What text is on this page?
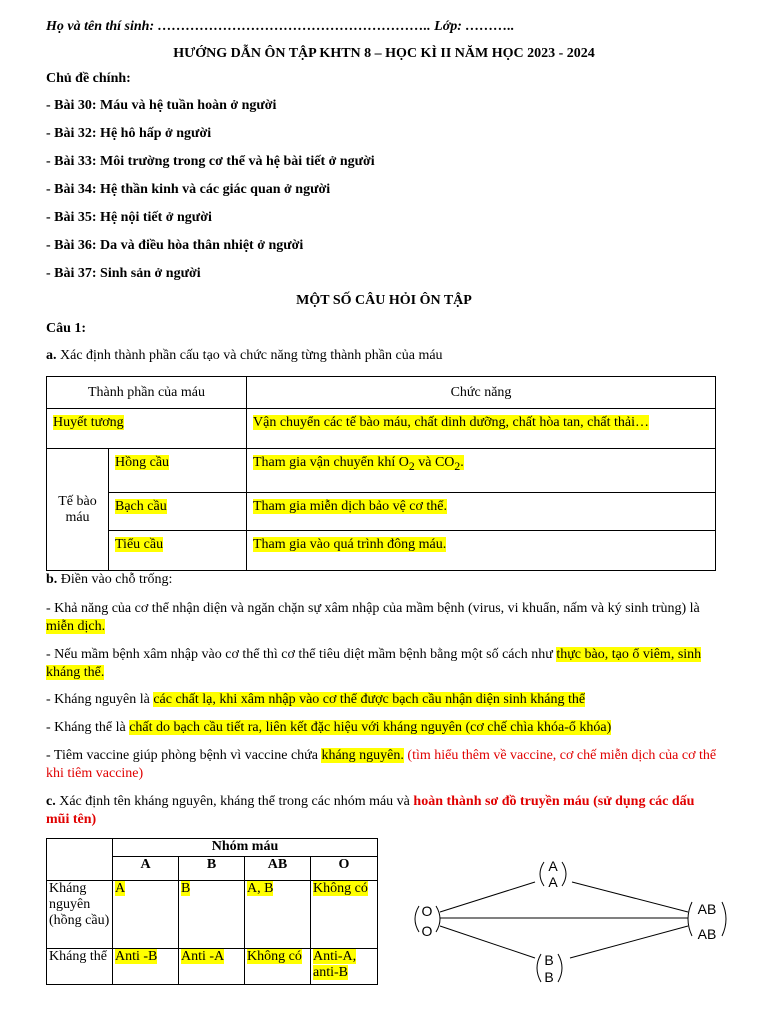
Họ và tên thí sinh: ………………………………………………….. Lớp: ………..
HƯỚNG DẪN ÔN TẬP KHTN 8 – HỌC KÌ II NĂM HỌC 2023 - 2024
Chủ đề chính:
- Bài 30: Máu và hệ tuần hoàn ở người
- Bài 32: Hệ hô hấp ở người
- Bài 33: Môi trường trong cơ thể và hệ bài tiết ở người
- Bài 34: Hệ thần kinh và các giác quan ở người
- Bài 35: Hệ nội tiết ở người
- Bài 36: Da và điều hòa thân nhiệt ở người
- Bài 37: Sinh sản ở người
MỘT SỐ CÂU HỎI ÔN TẬP
Câu 1:
a. Xác định thành phần cấu tạo và chức năng từng thành phần của máu
Thành phần của máu		Chức năng
Huyết tương		Vận chuyển các tế bào máu, chất dinh dưỡng, chất hòa tan, chất thải…
Tế bào máu	Hồng cầu	Tham gia vận chuyển khí $O_2$ và $CO_2$.
	Bạch cầu	Tham gia miễn dịch bảo vệ cơ thể.
	Tiểu cầu	Tham gia vào quá trình đông máu.
b. Điền vào chỗ trống:
- Khả năng của cơ thể nhận diện và ngăn chặn sự xâm nhập của mầm bệnh (virus, vi khuẩn, nấm và ký sinh trùng) là miễn dịch.
- Nếu mầm bệnh xâm nhập vào cơ thể thì cơ thể tiêu diệt mầm bệnh bằng một số cách như thực bào, tạo ổ viêm, sinh kháng thể.
- Kháng nguyên là các chất lạ, khi xâm nhập vào cơ thể được bạch cầu nhận diện sinh kháng thể
- Kháng thể là chất do bạch cầu tiết ra, liên kết đặc hiệu với kháng nguyên (cơ chế chìa khóa-ổ khóa)
- Tiêm vaccine giúp phòng bệnh vì vaccine chứa kháng nguyên. (tìm hiểu thêm về vaccine, cơ chế miễn dịch của cơ thể khi tiêm vaccine)
c. Xác định tên kháng nguyên, kháng thể trong các nhóm máu và hoàn thành sơ đồ truyền máu (sử dụng các dấu mũi tên)
	Nhóm máu			
	A	B	AB	O
Kháng nguyên (hồng cầu)	A	B	A, B	Không có
Kháng thể	Anti -B	Anti -A	Không có	Anti-A, anti-B
A
A
O
O
AB
AB
B
B
